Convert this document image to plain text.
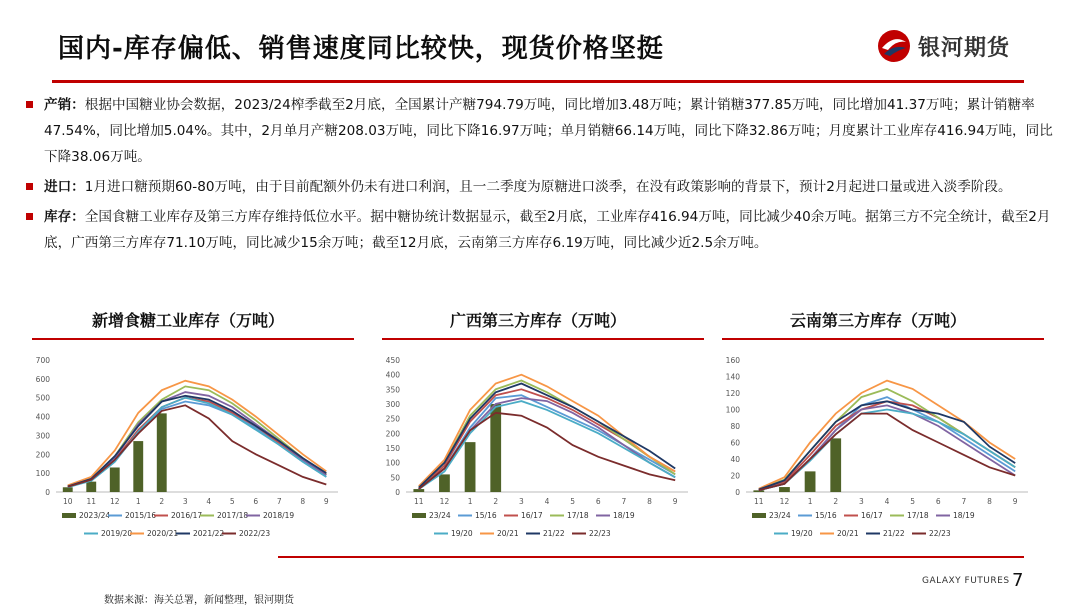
国内-库存偏低、销售速度同比较快，现货价格坚挺	银河期货
产销：根据中国糖业协会数据，2023/24榨季截至2月底，全国累计产糖794.79万吨，同比增加3.48万吨；累计销糖377.85万吨，同比增加41.37万吨；累计销糖率47.54%，同比增加5.04%。其中，2月单月产糖208.03万吨，同比下降16.97万吨；单月销糖66.14万吨，同比下降32.86万吨；月度累计工业库存416.94万吨，同比下降38.06万吨。
进口：1月进口糖预期60-80万吨，由于目前配额外仍未有进口利润，且一二季度为原糖进口淡季，在没有政策影响的背景下，预计2月起进口量或进入淡季阶段。
库存：全国食糖工业库存及第三方库存维持低位水平。据中糖协统计数据显示，截至2月底，工业库存416.94万吨，同比减少40余万吨。据第三方不完全统计，截至2月底，广西第三方库存71.10万吨，同比减少15余万吨；截至12月底，云南第三方库存6.19万吨，同比减少近2.5余万吨。
新增食糖工业库存（万吨）
0
100
200
300
400
500
600
700
10 11 12 1 2 3 4 5 6 7 8 9
2023/24 2015/16 2016/17 2017/18 2018/19
2019/20 2020/21 2021/22 2022/23
广西第三方库存（万吨）
0
50
100
150
200
250
300
350
400
450
11 12 1	2	3	4	5	6	7	8	9
23/24	15/16	16/17	17/18	18/19
19/20	20/21	21/22	22/23
云南第三方库存（万吨）
0
20
40
60
80
100
120
140
160
11 12 1	2	3	4	5	6	7	8	9
23/24	15/16	16/17	17/18	18/19
19/20	20/21	21/22	22/23
GALAXY FUTURES 7
数据来源：海关总署，新闻整理，银河期货
